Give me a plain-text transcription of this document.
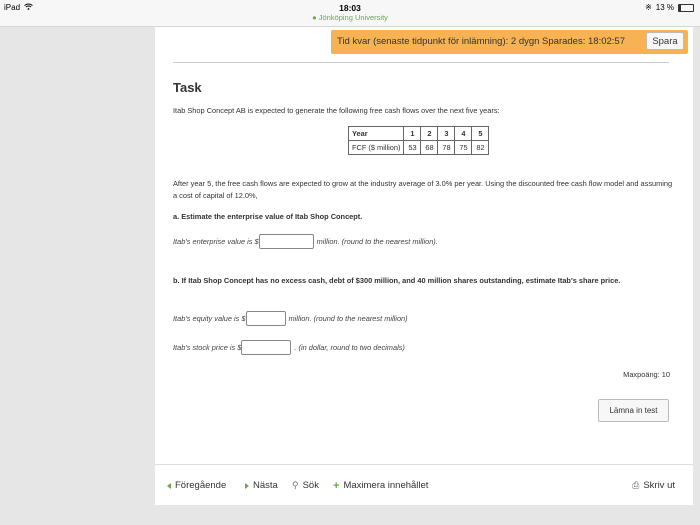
iPad	18:03
● Jönköping University
※ 13 %
Tid kvar (senaste tidpunkt för inlämning): 2 dygn Sparades: 18:02:57	Spara
Task
Itab Shop Concept AB is expected to generate the following free cash flows over the next five years:
Year	1	2	3	4	5
FCF ($ million)	53	68	78	75	82
After year 5, the free cash flows are expected to grow at the industry average of 3.0% per year. Using the discounted free cash flow model and assuming a cost of capital of 12.0%,
a. Estimate the enterprise value of Itab Shop Concept.
Itab's enterprise value is $	million. (round to the nearest million).
b. If Itab Shop Concept has no excess cash, debt of $300 million, and 40 million shares outstanding, estimate Itab's share price.
Itab's equity value is $	million. (round to the nearest million)
Itab's stock price is $	. (in dollar, round to two decimals)
Maxpoäng: 10
Lämna in test
Föregående	Nästa ⚲ Sök + Maximera innehållet	⎙ Skriv ut
